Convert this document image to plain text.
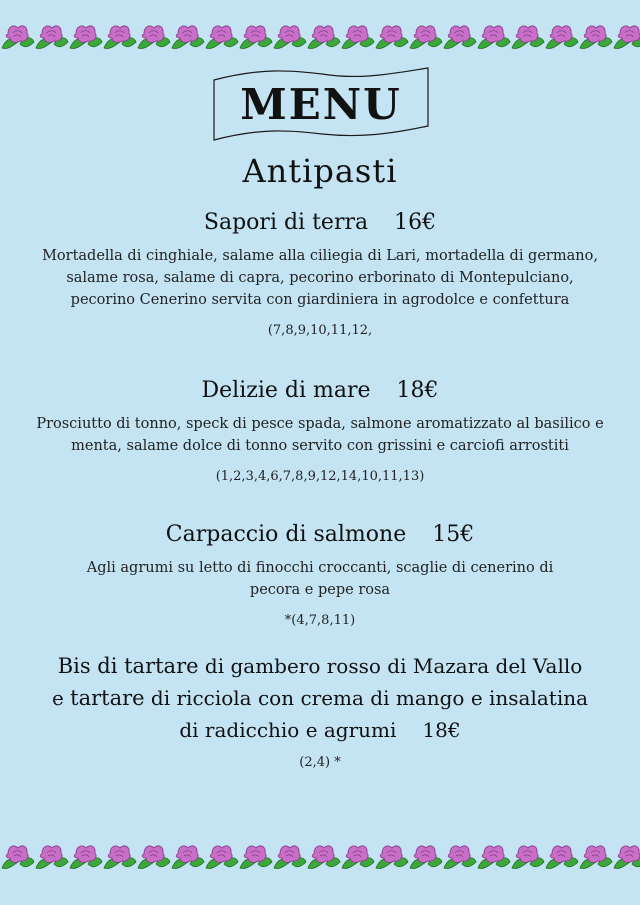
MENU
Antipasti
Sapori di terra 16€
Mortadella di cinghiale, salame alla ciliegia di Lari, mortadella di germano, salame rosa, salame di capra, pecorino erborinato di Montepulciano, pecorino Cenerino servita con giardiniera in agrodolce e confettura
(7,8,9,10,11,12,
Delizie di mare 18€
Prosciutto di tonno, speck di pesce spada, salmone aromatizzato al basilico e menta, salame dolce di tonno servito con grissini e carciofi arrostiti
(1,2,3,4,6,7,8,9,12,14,10,11,13)
Carpaccio di salmone 15€
Agli agrumi su letto di finocchi croccanti, scaglie di cenerino di pecora e pepe rosa
*(4,7,8,11)
Bis di tartare di gambero rosso di Mazara del Vallo
e tartare di ricciola con crema di mango e insalatina
di radicchio e agrumi 18€
(2,4) *
